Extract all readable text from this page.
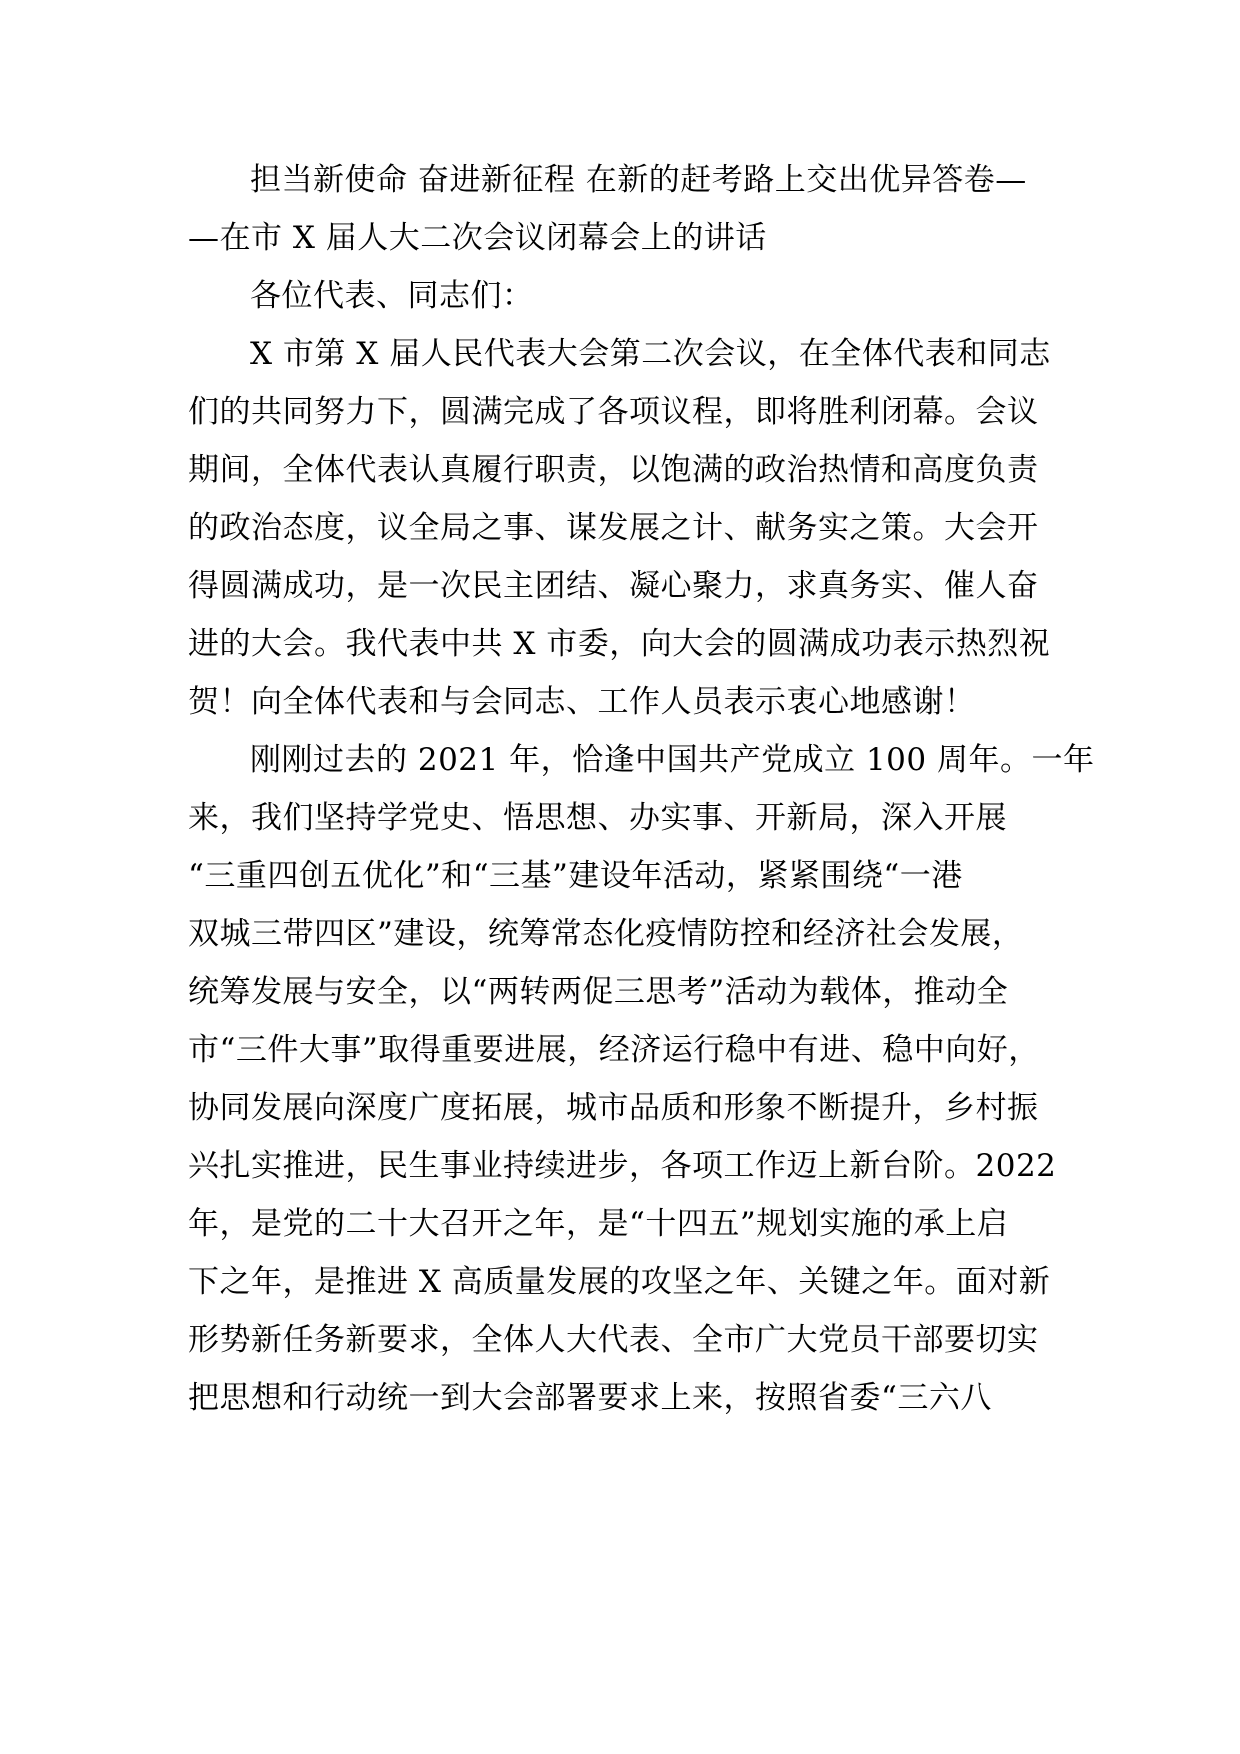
担当新使命 奋进新征程 在新的赶考路上交出优异答卷—
—在市 X 届人大二次会议闭幕会上的讲话
各位代表、同志们：
X 市第 X 届人民代表大会第二次会议，在全体代表和同志
们的共同努力下，圆满完成了各项议程，即将胜利闭幕。会议
期间，全体代表认真履行职责，以饱满的政治热情和高度负责
的政治态度，议全局之事、谋发展之计、献务实之策。大会开
得圆满成功，是一次民主团结、凝心聚力，求真务实、催人奋
进的大会。我代表中共 X 市委，向大会的圆满成功表示热烈祝
贺！向全体代表和与会同志、工作人员表示衷心地感谢！
刚刚过去的 2021 年，恰逢中国共产党成立 100 周年。一年
来，我们坚持学党史、悟思想、办实事、开新局，深入开展
“三重四创五优化”和“三基”建设年活动，紧紧围绕“一港
双城三带四区”建设，统筹常态化疫情防控和经济社会发展，
统筹发展与安全，以“两转两促三思考”活动为载体，推动全
市“三件大事”取得重要进展，经济运行稳中有进、稳中向好，
协同发展向深度广度拓展，城市品质和形象不断提升，乡村振
兴扎实推进，民生事业持续进步，各项工作迈上新台阶。2022
年，是党的二十大召开之年，是“十四五”规划实施的承上启
下之年，是推进 X 高质量发展的攻坚之年、关键之年。面对新
形势新任务新要求，全体人大代表、全市广大党员干部要切实
把思想和行动统一到大会部署要求上来，按照省委“三六八
